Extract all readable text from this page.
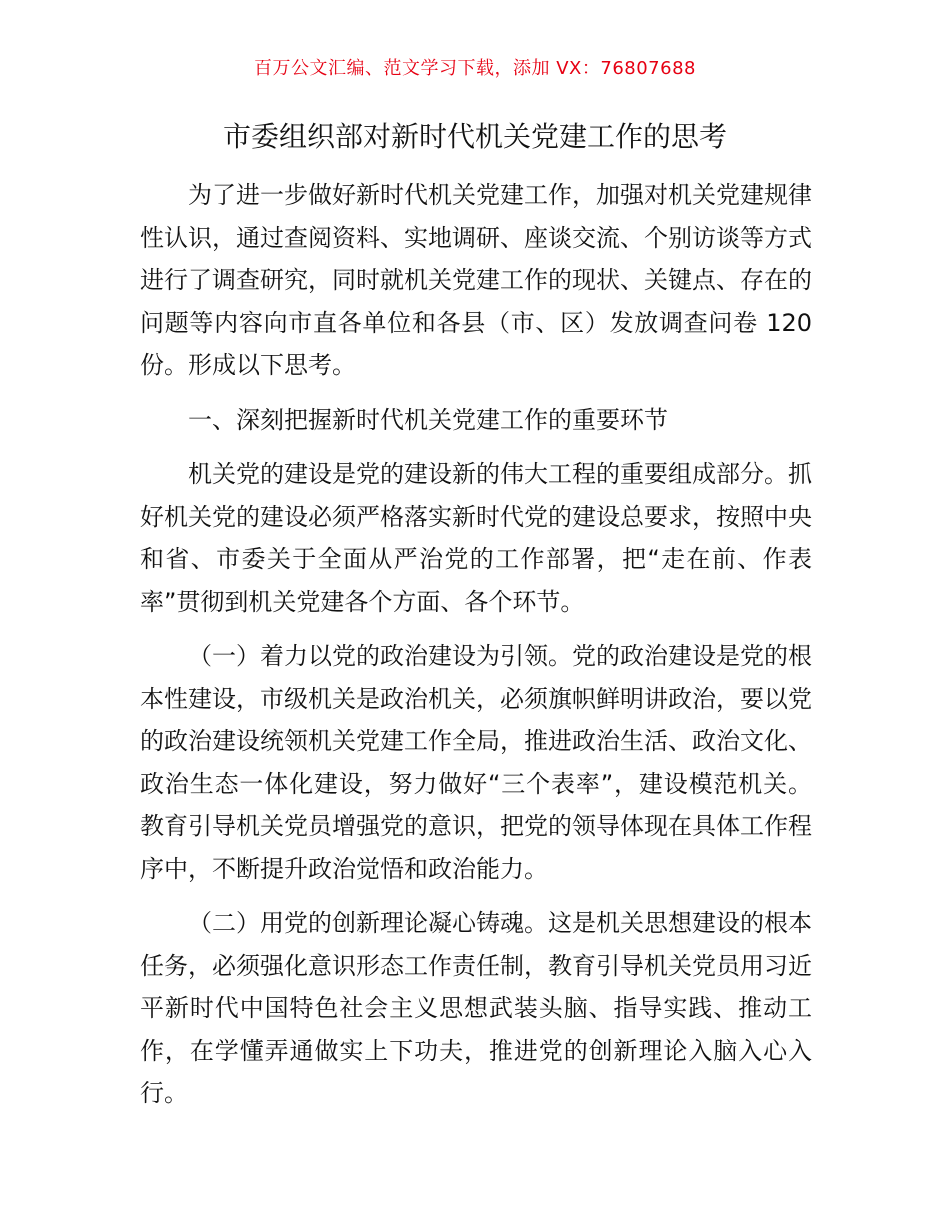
百万公文汇编、范文学习下载，添加 VX：76807688
市委组织部对新时代机关党建工作的思考

为了进一步做好新时代机关党建工作，加强对机关党建规律性认识，通过查阅资料、实地调研、座谈交流、个别访谈等方式进行了调查研究，同时就机关党建工作的现状、关键点、存在的问题等内容向市直各单位和各县（市、区）发放调查问卷 120 份。形成以下思考。

一、深刻把握新时代机关党建工作的重要环节

机关党的建设是党的建设新的伟大工程的重要组成部分。抓好机关党的建设必须严格落实新时代党的建设总要求，按照中央和省、市委关于全面从严治党的工作部署，把“走在前、作表率”贯彻到机关党建各个方面、各个环节。

（一）着力以党的政治建设为引领。党的政治建设是党的根本性建设，市级机关是政治机关，必须旗帜鲜明讲政治，要以党的政治建设统领机关党建工作全局，推进政治生活、政治文化、政治生态一体化建设，努力做好“三个表率”，建设模范机关。教育引导机关党员增强党的意识，把党的领导体现在具体工作程序中，不断提升政治觉悟和政治能力。

（二）用党的创新理论凝心铸魂。这是机关思想建设的根本任务，必须强化意识形态工作责任制，教育引导机关党员用习近平新时代中国特色社会主义思想武装头脑、指导实践、推动工作，在学懂弄通做实上下功夫，推进党的创新理论入脑入心入行。
